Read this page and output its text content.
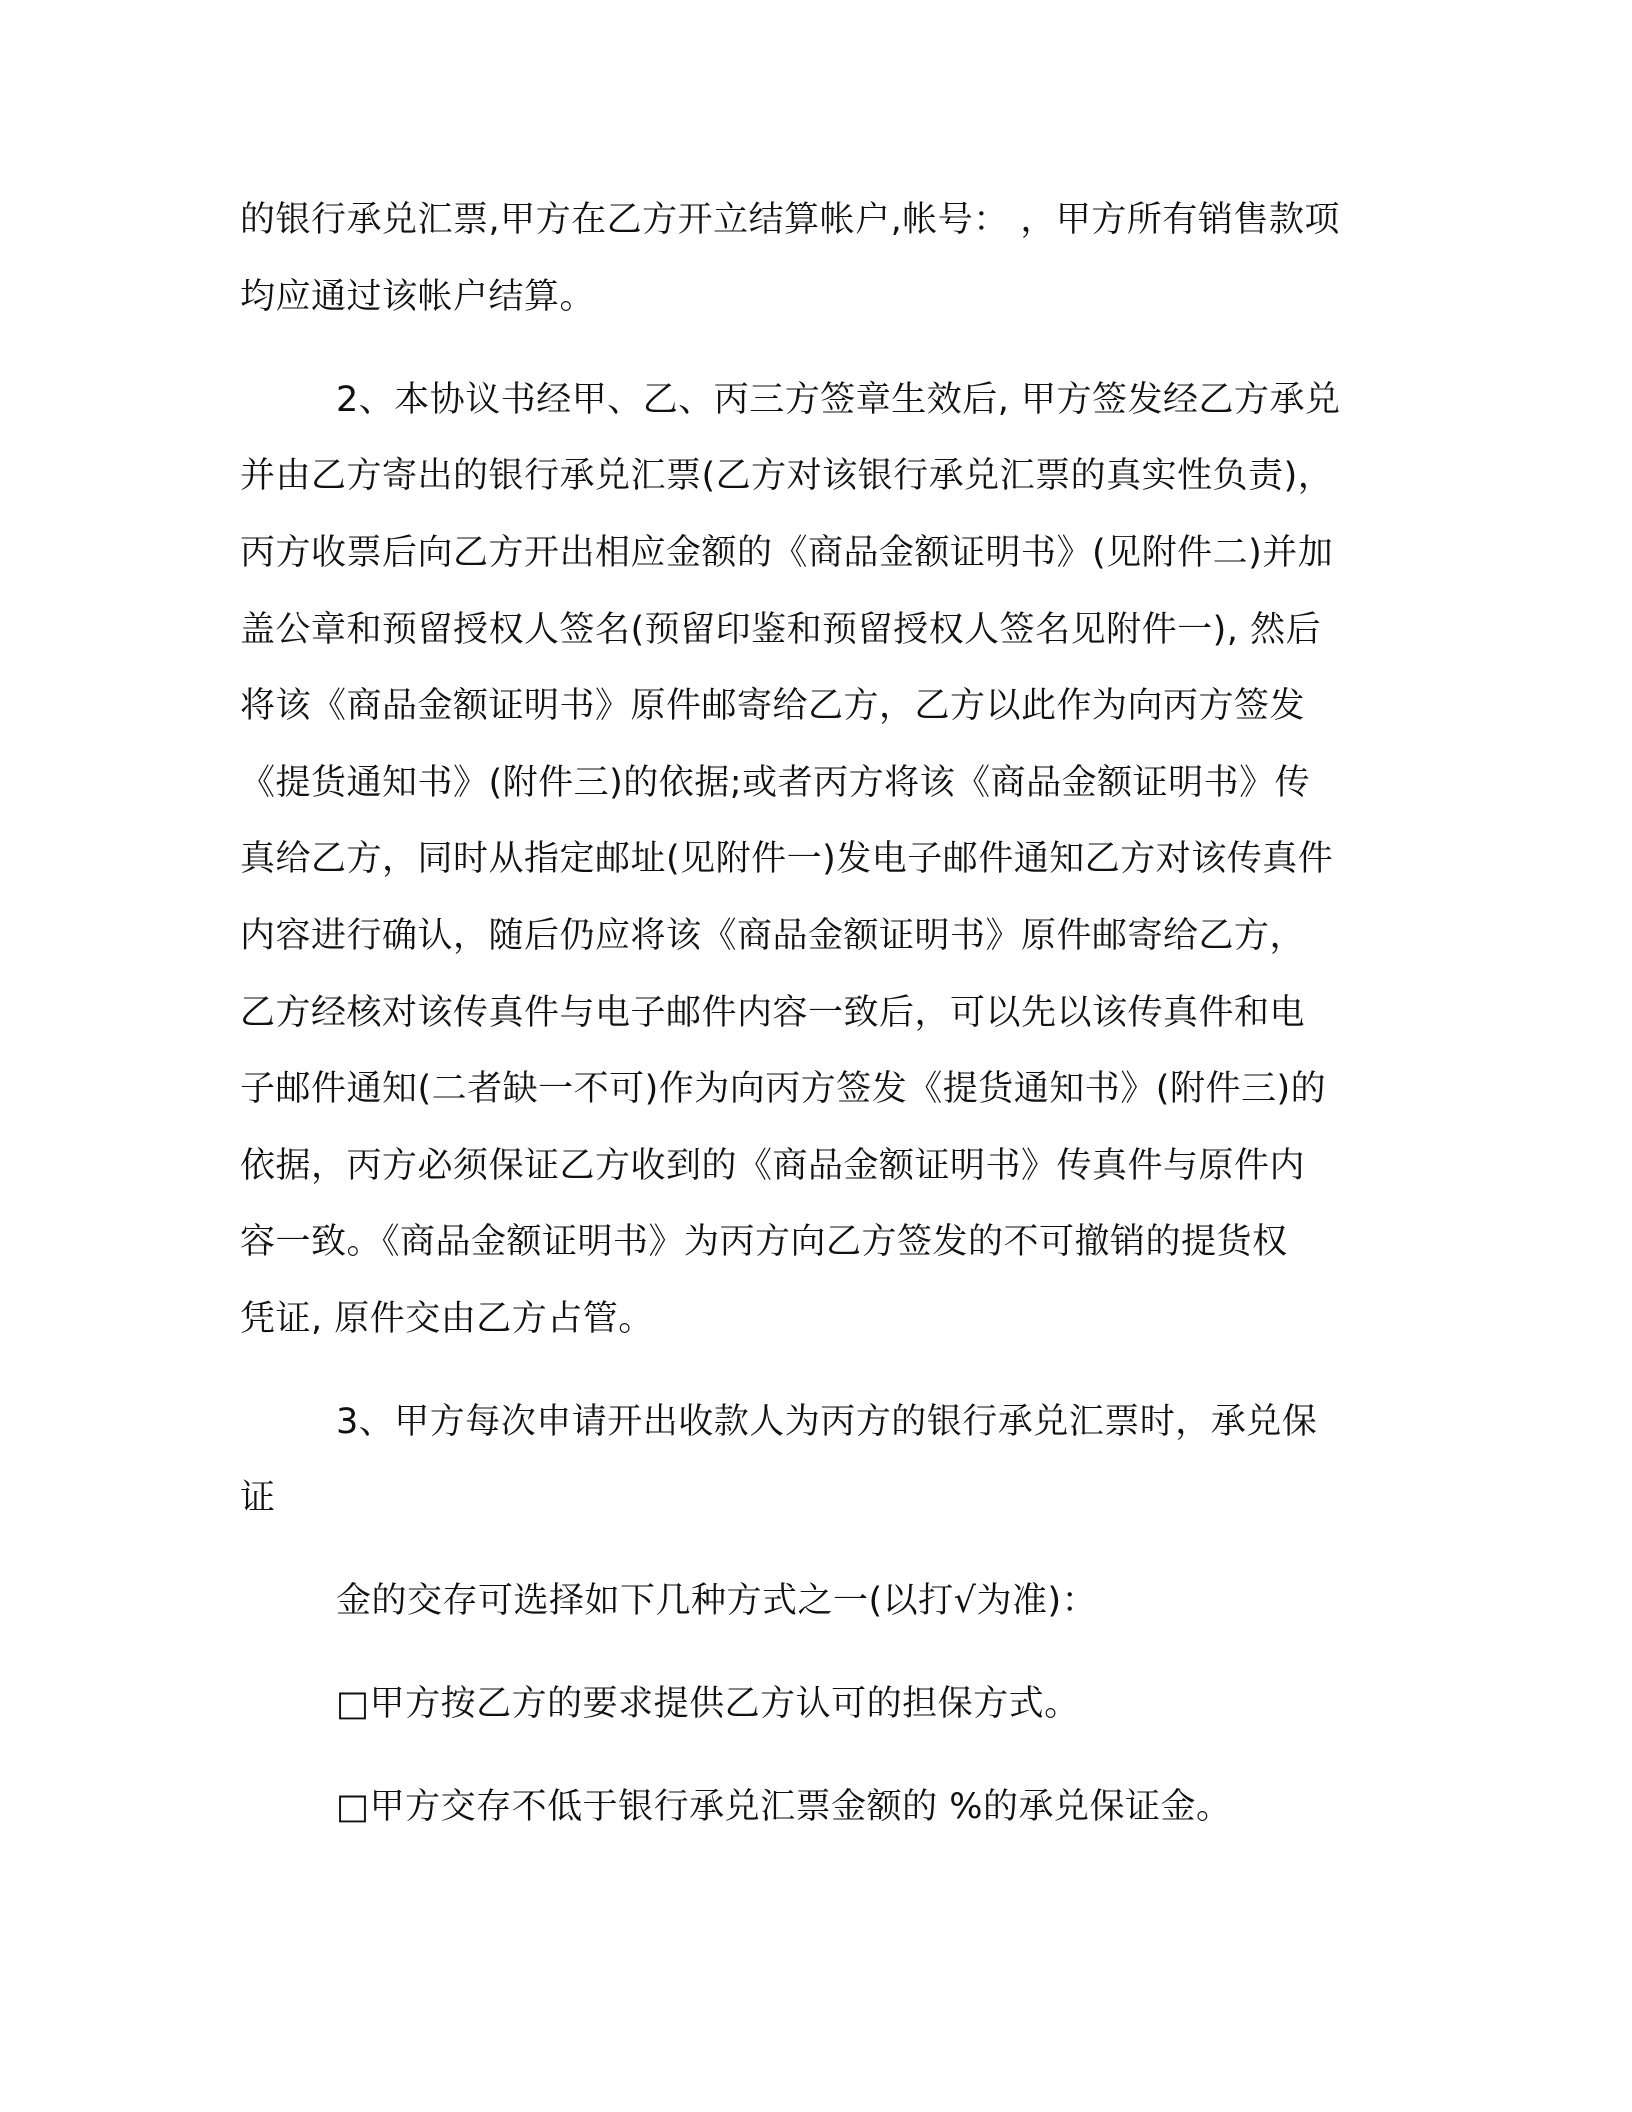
的银行承兑汇票,甲方在乙方开立结算帐户,帐号： ，甲方所有销售款项

均应通过该帐户结算。

2、本协议书经甲、乙、丙三方签章生效后, 甲方签发经乙方承兑

并由乙方寄出的银行承兑汇票(乙方对该银行承兑汇票的真实性负责)，

丙方收票后向乙方开出相应金额的《商品金额证明书》(见附件二)并加

盖公章和预留授权人签名(预留印鉴和预留授权人签名见附件一), 然后

将该《商品金额证明书》原件邮寄给乙方，乙方以此作为向丙方签发

《提货通知书》(附件三)的依据;或者丙方将该《商品金额证明书》传

真给乙方，同时从指定邮址(见附件一)发电子邮件通知乙方对该传真件

内容进行确认，随后仍应将该《商品金额证明书》原件邮寄给乙方，

乙方经核对该传真件与电子邮件内容一致后，可以先以该传真件和电

子邮件通知(二者缺一不可)作为向丙方签发《提货通知书》(附件三)的

依据，丙方必须保证乙方收到的《商品金额证明书》传真件与原件内

容一致。《商品金额证明书》为丙方向乙方签发的不可撤销的提货权

凭证, 原件交由乙方占管。

3、甲方每次申请开出收款人为丙方的银行承兑汇票时，承兑保

证

金的交存可选择如下几种方式之一(以打√为准)：

□甲方按乙方的要求提供乙方认可的担保方式。

□甲方交存不低于银行承兑汇票金额的 %的承兑保证金。
